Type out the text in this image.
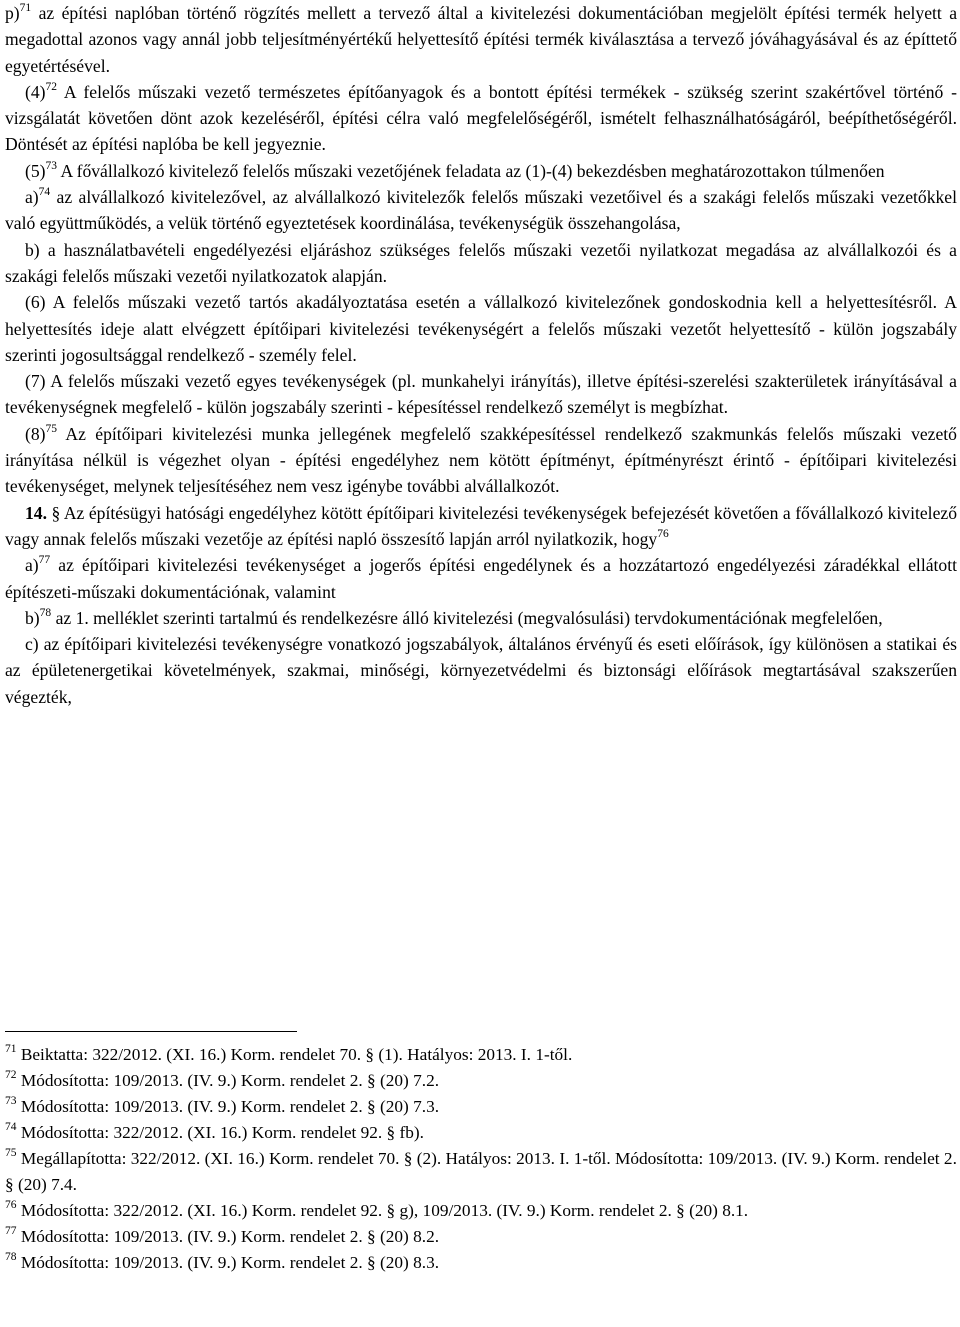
p)$^{71}$ az építési naplóban történő rögzítés mellett a tervező által a kivitelezési dokumentációban megjelölt építési termék helyett a megadottal azonos vagy annál jobb teljesítményértékű helyettesítő építési termék kiválasztása a tervező jóváhagyásával és az építtető egyetértésével.

$(4)^{72}$ A felelős műszaki vezető természetes építőanyagok és a bontott építési termékek - szükség szerint szakértővel történő - vizsgálatát követően dönt azok kezeléséről, építési célra való megfelelőségéről, ismételt felhasználhatóságáról, beépíthetőségéről. Döntését az építési naplóba be kell jegyeznie.

$(5)^{73}$ A fővállalkozó kivitelező felelős műszaki vezetőjének feladata az (1)-(4) bekezdésben meghatározottakon túlmenően

a)$^{74}$ az alvállalkozó kivitelezővel, az alvállalkozó kivitelezők felelős műszaki vezetőivel és a szakági felelős műszaki vezetőkkel való együttműködés, a velük történő egyeztetések koordinálása, tevékenységük összehangolása,

b) a használatbavételi engedélyezési eljáráshoz szükséges felelős műszaki vezetői nyilatkozat megadása az alvállalkozói és a szakági felelős műszaki vezetői nyilatkozatok alapján.

(6) A felelős műszaki vezető tartós akadályoztatása esetén a vállalkozó kivitelezőnek gondoskodnia kell a helyettesítésről. A helyettesítés ideje alatt elvégzett építőipari kivitelezési tevékenységért a felelős műszaki vezetőt helyettesítő - külön jogszabály szerinti jogosultsággal rendelkező - személy felel.

(7) A felelős műszaki vezető egyes tevékenységek (pl. munkahelyi irányítás), illetve építési-szerelési szakterületek irányításával a tevékenységnek megfelelő - külön jogszabály szerinti - képesítéssel rendelkező személyt is megbízhat.

$(8)^{75}$ Az építőipari kivitelezési munka jellegének megfelelő szakképesítéssel rendelkező szakmunkás felelős műszaki vezető irányítása nélkül is végezhet olyan - építési engedélyhez nem kötött építményt, építményrészt érintő - építőipari kivitelezési tevékenységet, melynek teljesítéséhez nem vesz igénybe további alvállalkozót.

14. § Az építésügyi hatósági engedélyhez kötött építőipari kivitelezési tevékenységek befejezését követően a fővállalkozó kivitelező vagy annak felelős műszaki vezetője az építési napló összesítő lapján arról nyilatkozik, hogy$^{76}$

a)$^{77}$ az építőipari kivitelezési tevékenységet a jogerős építési engedélynek és a hozzátartozó engedélyezési záradékkal ellátott építészeti-műszaki dokumentációnak, valamint

b)$^{78}$ az 1. melléklet szerinti tartalmú és rendelkezésre álló kivitelezési (megvalósulási) tervdokumentációnak megfelelően,

c) az építőipari kivitelezési tevékenységre vonatkozó jogszabályok, általános érvényű és eseti előírások, így különösen a statikai és az épületenergetikai követelmények, szakmai, minőségi, környezetvédelmi és biztonsági előírások megtartásával szakszerűen végezték,

$^{71}$ Beiktatta: 322/2012. (XI. 16.) Korm. rendelet 70. § (1). Hatályos: 2013. I. 1-től.

$^{72}$ Módosította: 109/2013. (IV. 9.) Korm. rendelet 2. § (20) 7.2.

$^{73}$ Módosította: 109/2013. (IV. 9.) Korm. rendelet 2. § (20) 7.3.

$^{74}$ Módosította: 322/2012. (XI. 16.) Korm. rendelet 92. § fb).

$^{75}$ Megállapította: 322/2012. (XI. 16.) Korm. rendelet 70. § (2). Hatályos: 2013. I. 1-től. Módosította: 109/2013. (IV. 9.) Korm. rendelet 2. § (20) 7.4.

$^{76}$ Módosította: 322/2012. (XI. 16.) Korm. rendelet 92. § g), 109/2013. (IV. 9.) Korm. rendelet 2. § (20) 8.1.

$^{77}$ Módosította: 109/2013. (IV. 9.) Korm. rendelet 2. § (20) 8.2.

$^{78}$ Módosította: 109/2013. (IV. 9.) Korm. rendelet 2. § (20) 8.3.
